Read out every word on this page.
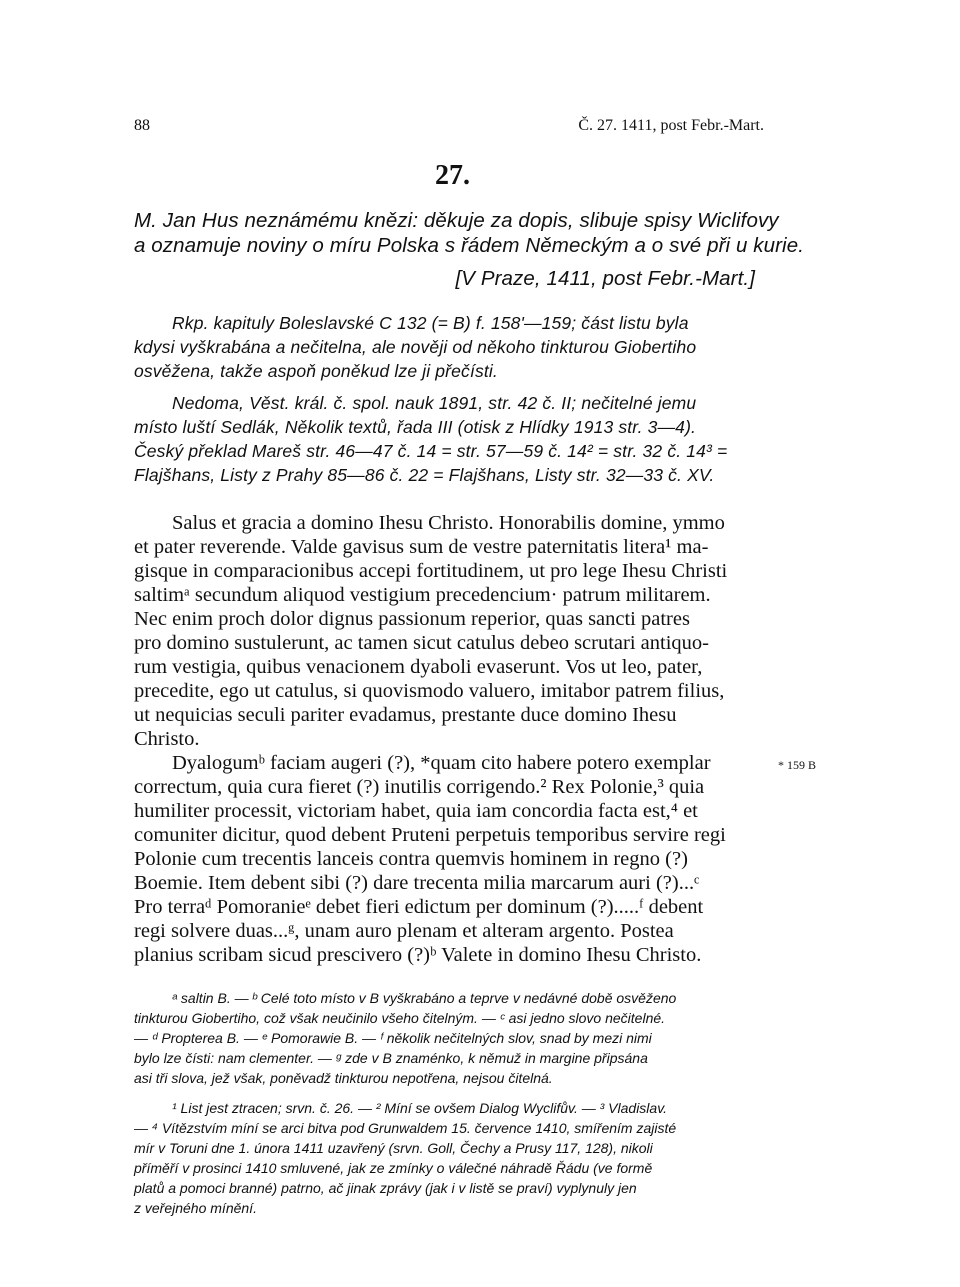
88	Č. 27. 1411, post Febr.-Mart.
27.
M. Jan Hus neznámému knězi: děkuje za dopis, slibuje spisy Wiclifovy
a oznamuje noviny o míru Polska s řádem Německým a o své při u kurie.
[V Praze, 1411, post Febr.-Mart.]
Rkp. kapituly Boleslavské C 132 (= B) f. 158'—159; část listu byla
kdysi vyškrabána a nečitelna, ale nověji od někoho tinkturou Giobertiho
osvěžena, takže aspoň poněkud lze ji přečísti.
Nedoma, Věst. král. č. spol. nauk 1891, str. 42 č. II; nečitelné jemu
místo luští Sedlák, Několik textů, řada III (otisk z Hlídky 1913 str. 3—4).
Český překlad Mareš str. 46—47 č. 14 = str. 57—59 č. 14² = str. 32 č. 14³ =
Flajšhans, Listy z Prahy 85—86 č. 22 = Flajšhans, Listy str. 32—33 č. XV.
Salus et gracia a domino Ihesu Christo. Honorabilis domine, ymmo
et pater reverende. Valde gavisus sum de vestre paternitatis litera¹ ma-
gisque in comparacionibus accepi fortitudinem, ut pro lege Ihesu Christi
saltimᵃ secundum aliquod vestigium precedencium· patrum militarem.
Nec enim proch dolor dignus passionum reperior, quas sancti patres
pro domino sustulerunt, ac tamen sicut catulus debeo scrutari antiquo-
rum vestigia, quibus venacionem dyaboli evaserunt. Vos ut leo, pater,
precedite, ego ut catulus, si quovismodo valuero, imitabor patrem filius,
ut nequicias seculi pariter evadamus, prestante duce domino Ihesu
Christo.
Dyalogumᵇ faciam augeri (?), *quam cito habere potero exemplar	* 159 B
correctum, quia cura fieret (?) inutilis corrigendo.² Rex Polonie,³ quia
humiliter processit, victoriam habet, quia iam concordia facta est,⁴ et
comuniter dicitur, quod debent Pruteni perpetuis temporibus servire regi
Polonie cum trecentis lanceis contra quemvis hominem in regno (?)
Boemie. Item debent sibi (?) dare trecenta milia marcarum auri (?)...ᶜ
Pro terraᵈ Pomoranieᵉ debet fieri edictum per dominum (?).....ᶠ debent
regi solvere duas...ᵍ, unam auro plenam et alteram argento. Postea
planius scribam sicud prescivero (?)ᵇ Valete in domino Ihesu Christo.
ᵃ saltin B. — ᵇ Celé toto místo v B vyškrabáno a teprve v nedávné době osvěženo
tinkturou Giobertiho, což však neučinilo všeho čitelným. — ᶜ asi jedno slovo nečitelné.
— ᵈ Propterea B. — ᵉ Pomorawie B. — ᶠ několik nečitelných slov, snad by mezi nimi
bylo lze čísti: nam clementer. — ᵍ zde v B znaménko, k němuž in margine připsána
asi tři slova, jež však, poněvadž tinkturou nepotřena, nejsou čitelná.
¹ List jest ztracen; srvn. č. 26. — ² Míní se ovšem Dialog Wyclifův. — ³ Vladislav.
— ⁴ Vítězstvím míní se arci bitva pod Grunwaldem 15. července 1410, smířením zajisté
mír v Toruni dne 1. února 1411 uzavřený (srvn. Goll, Čechy a Prusy 117, 128), nikoli
příměří v prosinci 1410 smluvené, jak ze zmínky o válečné náhradě Řádu (ve formě
platů a pomoci branné) patrno, ač jinak zprávy (jak i v listě se praví) vyplynuly jen
z veřejného mínění.
